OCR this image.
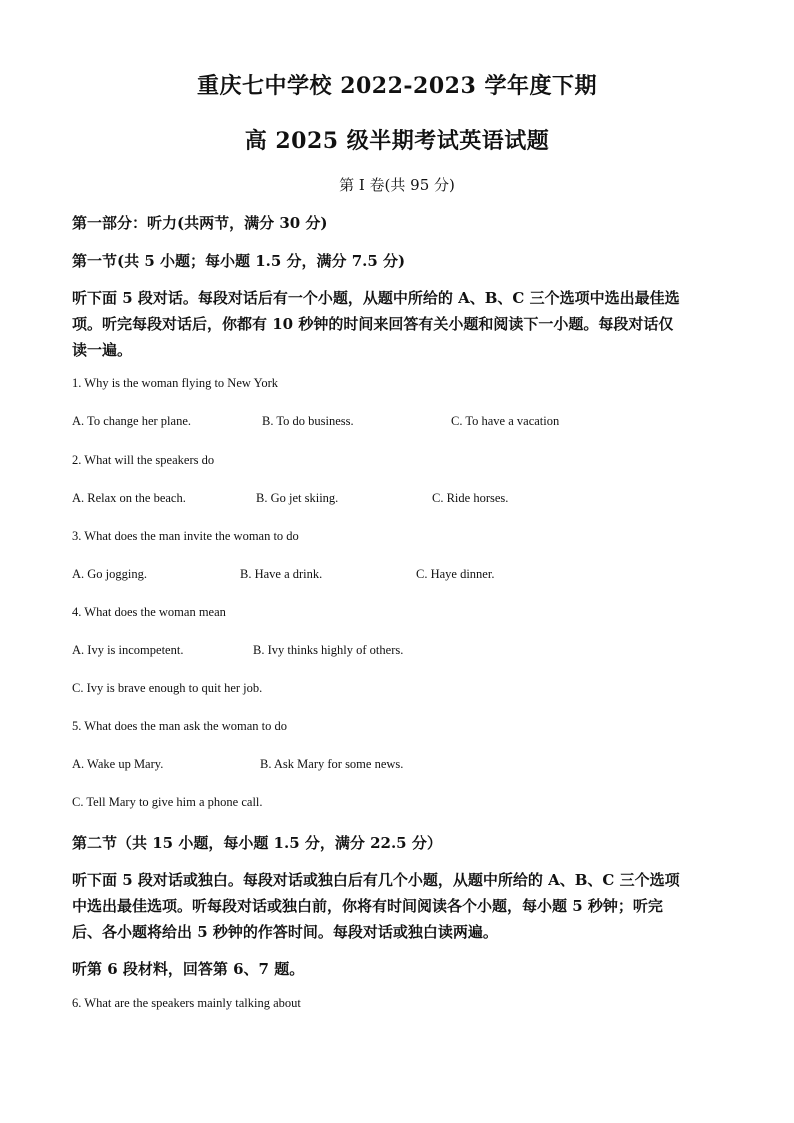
重庆七中学校 2022-2023 学年度下期
高 2025 级半期考试英语试题
第 I 卷(共 95 分)
第一部分：听力(共两节，满分 30 分)
第一节(共 5 小题；每小题 1.5 分，满分 7.5 分)
听下面 5 段对话。每段对话后有一个小题，从题中所给的 A、B、C 三个选项中选出最佳选
项。听完每段对话后，你都有 10 秒钟的时间来回答有关小题和阅读下一小题。每段对话仅
读一遍。
1. Why is the woman flying to New York
A. To change her plane.	B. To do business.	C. To have a vacation
2. What will the speakers do
A. Relax on the beach.	B. Go jet skiing.	C. Ride horses.
3. What does the man invite the woman to do
A. Go jogging.	B. Have a drink.	C. Haye dinner.
4. What does the woman mean
A. Ivy is incompetent.	B. Ivy thinks highly of others.
C. Ivy is brave enough to quit her job.
5. What does the man ask the woman to do
A. Wake up Mary.	B. Ask Mary for some news.
C. Tell Mary to give him a phone call.
第二节（共 15 小题，每小题 1.5 分，满分 22.5 分）
听下面 5 段对话或独白。每段对话或独白后有几个小题，从题中所给的 A、B、C 三个选项
中选出最佳选项。听每段对话或独白前，你将有时间阅读各个小题，每小题 5 秒钟；听完
后、各小题将给出 5 秒钟的作答时间。每段对话或独白读两遍。
听第 6 段材料，回答第 6、7 题。
6. What are the speakers mainly talking about
